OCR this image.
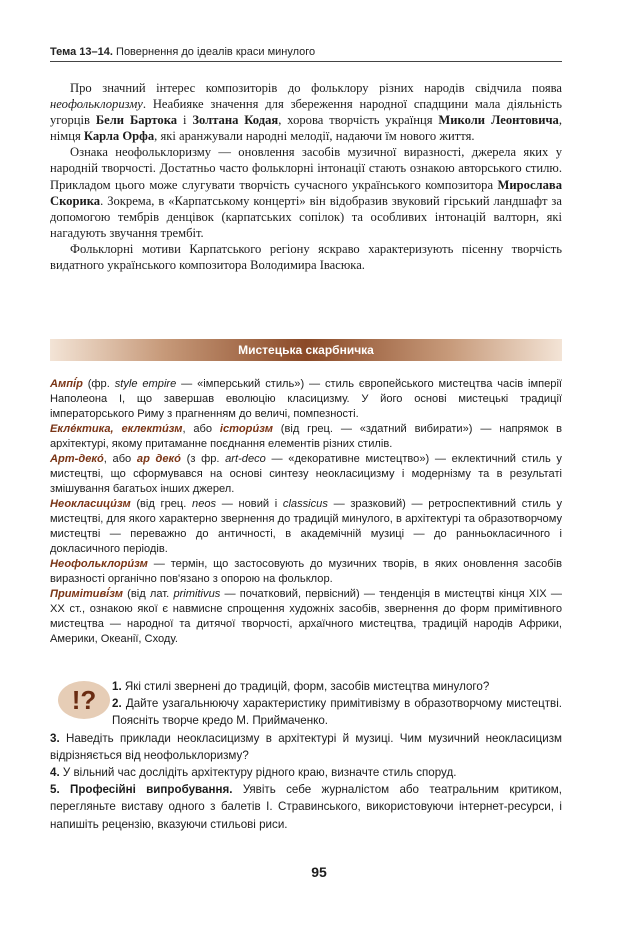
Тема 13–14. Повернення до ідеалів краси минулого

Про значний інтерес композиторів до фольклору різних народів свідчила поява неофольклоризму. Неабияке значення для збереження народної спадщини мала діяльність угорців Бели Бартока і Золтана Кодая, хорова творчість українця Миколи Леонтовича, німця Карла Орфа, які аранжували народні мелодії, надаючи їм нового життя.

Ознака неофольклоризму — оновлення засобів музичної виразності, джерела яких у народній творчості. Достатньо часто фольклорні інтонації стають ознакою авторського стилю. Прикладом цього може слугувати творчість сучасного українського композитора Мирослава Скорика. Зокрема, в «Карпатському концерті» він відобразив звуковий гірський ландшафт за допомогою тембрів денцівок (карпатських сопілок) та особливих інтонацій валторн, які нагадують звучання трембіт.

Фольклорні мотиви Карпатського регіону яскраво характеризують пісенну творчість видатного українського композитора Володимира Івасюка.

Мистецька скарбничка

Ампі́р (фр. style empire — «імперський стиль») — стиль європейського мистецтва часів імперії Наполеона І, що завершав еволюцію класицизму. У його основі мистецькі традиції імператорського Риму з прагненням до величі, помпезності.

Еклéктика, еклекти́зм, або істори́зм (від грец. — «здатний вибирати») — напрямок в архітектурі, якому притаманне поєднання елементів різних стилів.

Арт-деко́, або ар деко́ (з фр. art-deco — «декоративне мистецтво») — еклектичний стиль у мистецтві, що сформувався на основі синтезу неокласицизму і модернізму та в результаті змішування багатьох інших джерел.

Неокласици́зм (від грец. neos — новий і classicus — зразковий) — ретроспективний стиль у мистецтві, для якого характерно звернення до традицій минулого, в архітектурі та образотворчому мистецтві — переважно до античності, в академічній музиці — до ранньокласичного і докласичного періодів.

Неофольклори́зм — термін, що застосовують до музичних творів, в яких оновлення засобів виразності органічно пов'язано з опорою на фольклор.

Примітиві́зм (від лат. primitivus — початковий, первісний) — тенденція в мистецтві кінця XIX — XX ст., ознакою якої є навмисне спрощення художніх засобів, звернення до форм примітивного мистецтва — народної та дитячої творчості, архаїчного мистецтва, традицій народів Африки, Америки, Океанії, Сходу.

!?	1. Які стилі звернені до традицій, форм, засобів мистецтва минулого?

2. Дайте узагальнюючу характеристику примітивізму в образотворчому мистецтві. Поясніть творче кредо М. Приймаченко.

3. Наведіть приклади неокласицизму в архітектурі й музиці. Чим музичний неокласицизм відрізняється від неофольклоризму?

4. У вільний час дослідіть архітектуру рідного краю, визначте стиль споруд.

5. Професійні випробування. Уявіть себе журналістом або театральним критиком, перегляньте виставу одного з балетів І. Стравинського, використовуючи інтернет-ресурси, і напишіть рецензію, вказуючи стильові риси.

95
